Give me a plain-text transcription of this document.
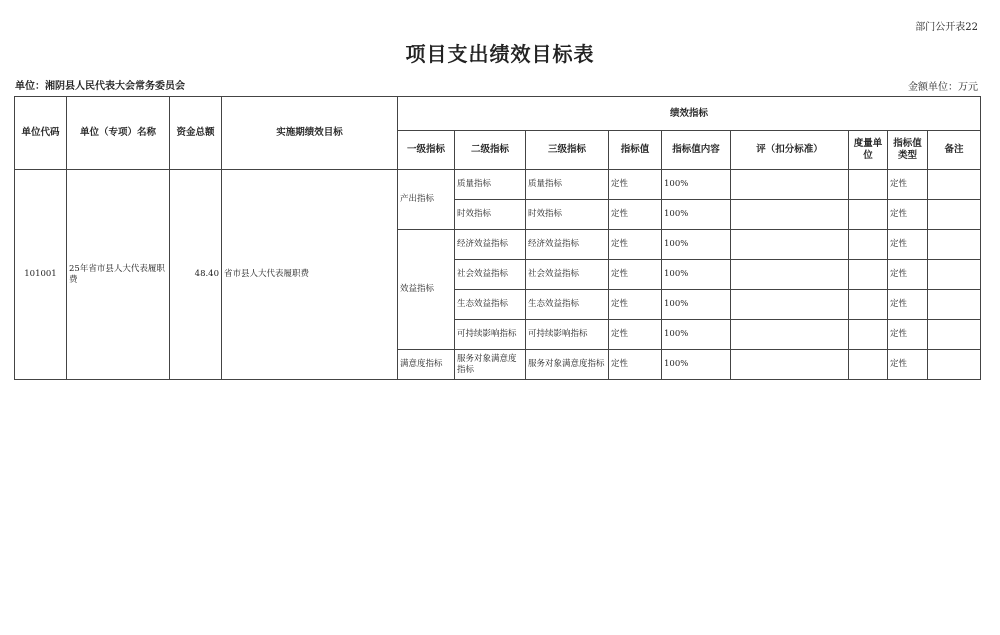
部门公开表22
项目支出绩效目标表
单位：湘阴县人民代表大会常务委员会	金额单位：万元
单位代码	单位（专项）名称	资金总额	实施期绩效目标	绩效指标								
				一级指标	二级指标	三级指标	指标值	指标值内容	评（扣分标准）	度量单位	指标值类型	备注
101001	25年省市县人大代表履职费	48.40	省市县人大代表履职费	产出指标	质量指标	质量指标	定性	100%			定性	
					时效指标	时效指标	定性	100%			定性	
				效益指标	经济效益指标	经济效益指标	定性	100%			定性	
					社会效益指标	社会效益指标	定性	100%			定性	
					生态效益指标	生态效益指标	定性	100%			定性	
					可持续影响指标	可持续影响指标	定性	100%			定性	
				满意度指标	服务对象满意度指标	服务对象满意度指标	定性	100%			定性	
